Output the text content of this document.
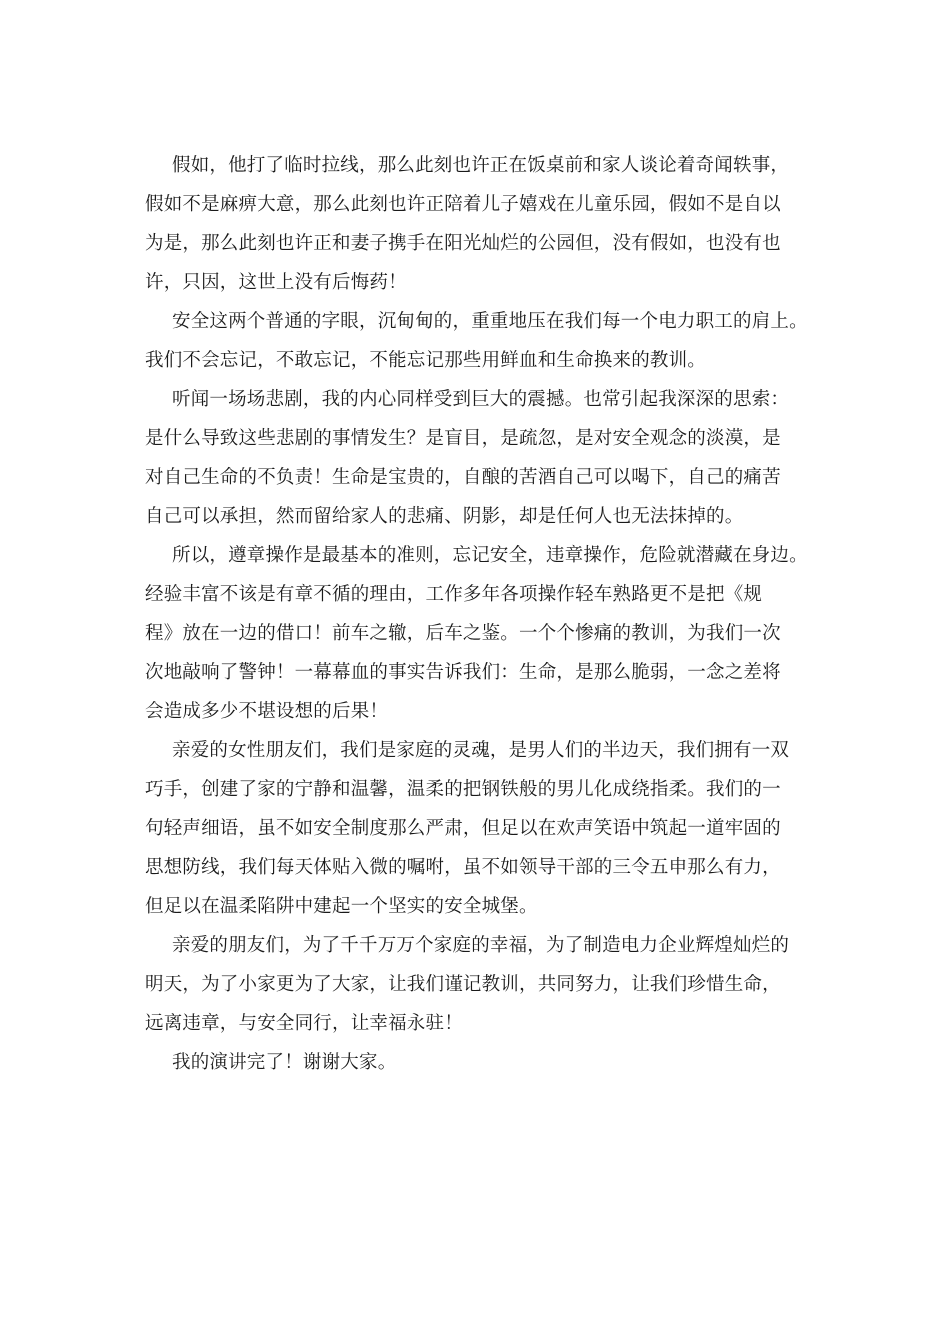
假如，他打了临时拉线，那么此刻也许正在饭桌前和家人谈论着奇闻轶事，
假如不是麻痹大意，那么此刻也许正陪着儿子嬉戏在儿童乐园，假如不是自以
为是，那么此刻也许正和妻子携手在阳光灿烂的公园但，没有假如，也没有也
许，只因，这世上没有后悔药！
安全这两个普通的字眼，沉甸甸的，重重地压在我们每一个电力职工的肩上。
我们不会忘记，不敢忘记，不能忘记那些用鲜血和生命换来的教训。
听闻一场场悲剧，我的内心同样受到巨大的震撼。也常引起我深深的思索：
是什么导致这些悲剧的事情发生？是盲目，是疏忽，是对安全观念的淡漠，是
对自己生命的不负责！生命是宝贵的，自酿的苦酒自己可以喝下，自己的痛苦
自己可以承担，然而留给家人的悲痛、阴影，却是任何人也无法抹掉的。
所以，遵章操作是最基本的准则，忘记安全，违章操作，危险就潜藏在身边。
经验丰富不该是有章不循的理由，工作多年各项操作轻车熟路更不是把《规
程》放在一边的借口！前车之辙，后车之鉴。一个个惨痛的教训，为我们一次
次地敲响了警钟！一幕幕血的事实告诉我们：生命，是那么脆弱，一念之差将
会造成多少不堪设想的后果！
亲爱的女性朋友们，我们是家庭的灵魂，是男人们的半边天，我们拥有一双
巧手，创建了家的宁静和温馨，温柔的把钢铁般的男儿化成绕指柔。我们的一
句轻声细语，虽不如安全制度那么严肃，但足以在欢声笑语中筑起一道牢固的
思想防线，我们每天体贴入微的嘱咐，虽不如领导干部的三令五申那么有力，
但足以在温柔陷阱中建起一个坚实的安全城堡。
亲爱的朋友们，为了千千万万个家庭的幸福，为了制造电力企业辉煌灿烂的
明天，为了小家更为了大家，让我们谨记教训，共同努力，让我们珍惜生命，
远离违章，与安全同行，让幸福永驻！
我的演讲完了！谢谢大家。
